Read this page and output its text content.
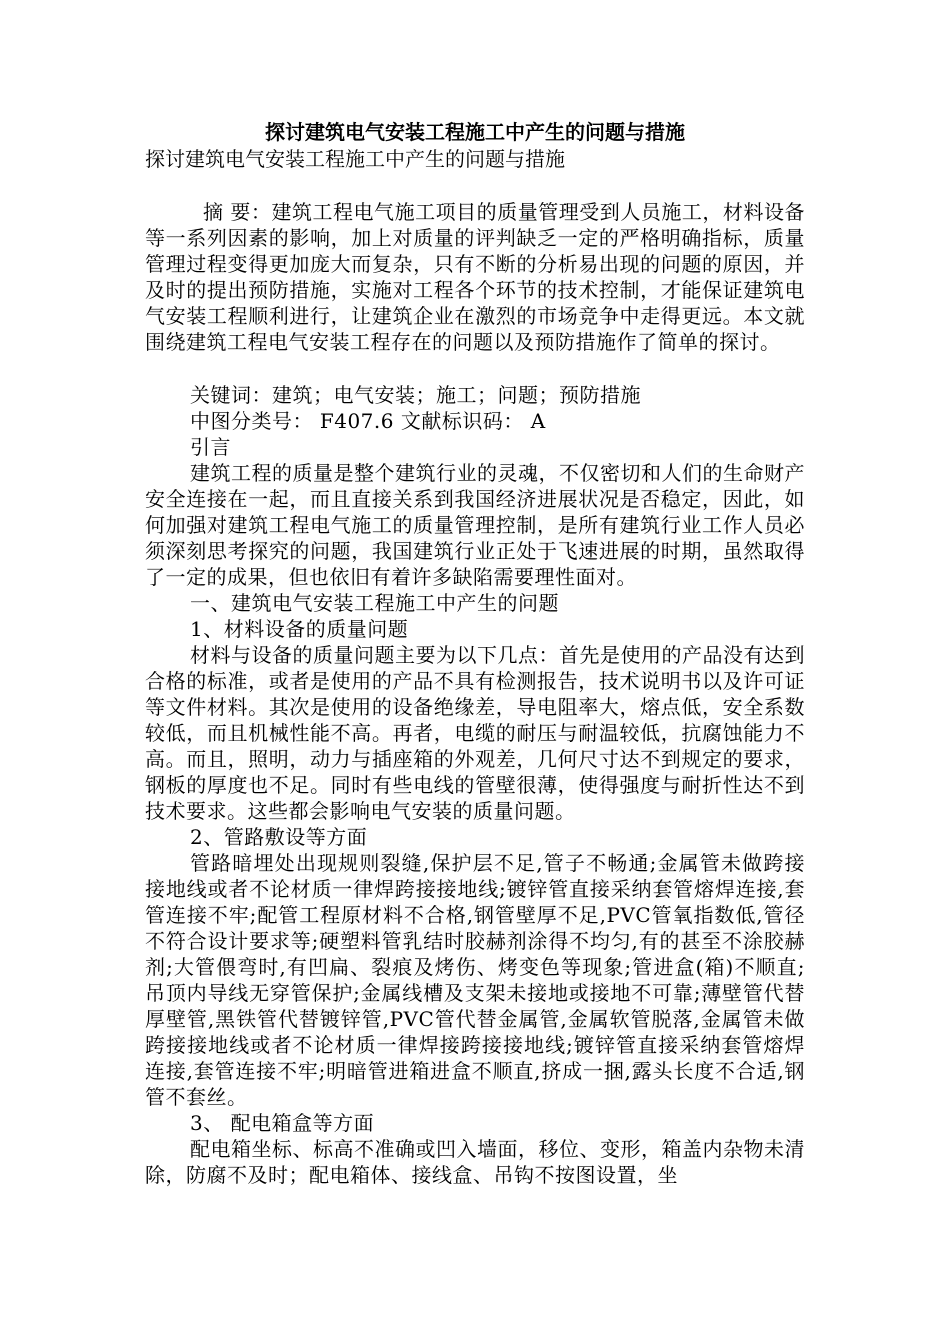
探讨建筑电气安装工程施工中产生的问题与措施

探讨建筑电气安装工程施工中产生的问题与措施

摘 要：建筑工程电气施工项目的质量管理受到人员施工，材料设备等一系列因素的影响，加上对质量的评判缺乏一定的严格明确指标，质量管理过程变得更加庞大而复杂，只有不断的分析易出现的问题的原因，并及时的提出预防措施，实施对工程各个环节的技术控制，才能保证建筑电气安装工程顺利进行，让建筑企业在激烈的市场竞争中走得更远。本文就围绕建筑工程电气安装工程存在的问题以及预防措施作了简单的探讨。

关键词：建筑；电气安装；施工；问题；预防措施

中图分类号： F407.6 文献标识码： A

引言

建筑工程的质量是整个建筑行业的灵魂，不仅密切和人们的生命财产安全连接在一起，而且直接关系到我国经济进展状况是否稳定，因此，如何加强对建筑工程电气施工的质量管理控制，是所有建筑行业工作人员必须深刻思考探究的问题，我国建筑行业正处于飞速进展的时期，虽然取得了一定的成果，但也依旧有着许多缺陷需要理性面对。

一、建筑电气安装工程施工中产生的问题

1、材料设备的质量问题

材料与设备的质量问题主要为以下几点：首先是使用的产品没有达到合格的标准，或者是使用的产品不具有检测报告，技术说明书以及许可证等文件材料。其次是使用的设备绝缘差，导电阻率大，熔点低，安全系数较低，而且机械性能不高。再者，电缆的耐压与耐温较低，抗腐蚀能力不高。而且，照明，动力与插座箱的外观差，几何尺寸达不到规定的要求，钢板的厚度也不足。同时有些电线的管壁很薄，使得强度与耐折性达不到技术要求。这些都会影响电气安装的质量问题。

2、管路敷设等方面

管路暗埋处出现规则裂缝,保护层不足,管子不畅通;金属管未做跨接接地线或者不论材质一律焊跨接接地线;镀锌管直接采纳套管熔焊连接,套管连接不牢;配管工程原材料不合格,钢管壁厚不足,PVC管氧指数低,管径不符合设计要求等;硬塑料管乳结时胶赫剂涂得不均匀,有的甚至不涂胶赫剂;大管偎弯时,有凹扁、裂痕及烤伤、烤变色等现象;管进盒(箱)不顺直;吊顶内导线无穿管保护;金属线槽及支架未接地或接地不可靠;薄壁管代替厚壁管,黑铁管代替镀锌管,PVC管代替金属管,金属软管脱落,金属管未做跨接接地线或者不论材质一律焊接跨接接地线;镀锌管直接采纳套管熔焊连接,套管连接不牢;明暗管进箱进盒不顺直,挤成一捆,露头长度不合适,钢管不套丝。

3、 配电箱盒等方面

配电箱坐标、标高不准确或凹入墙面，移位、变形，箱盖内杂物未清除，防腐不及时；配电箱体、接线盒、吊钩不按图设置，坐
